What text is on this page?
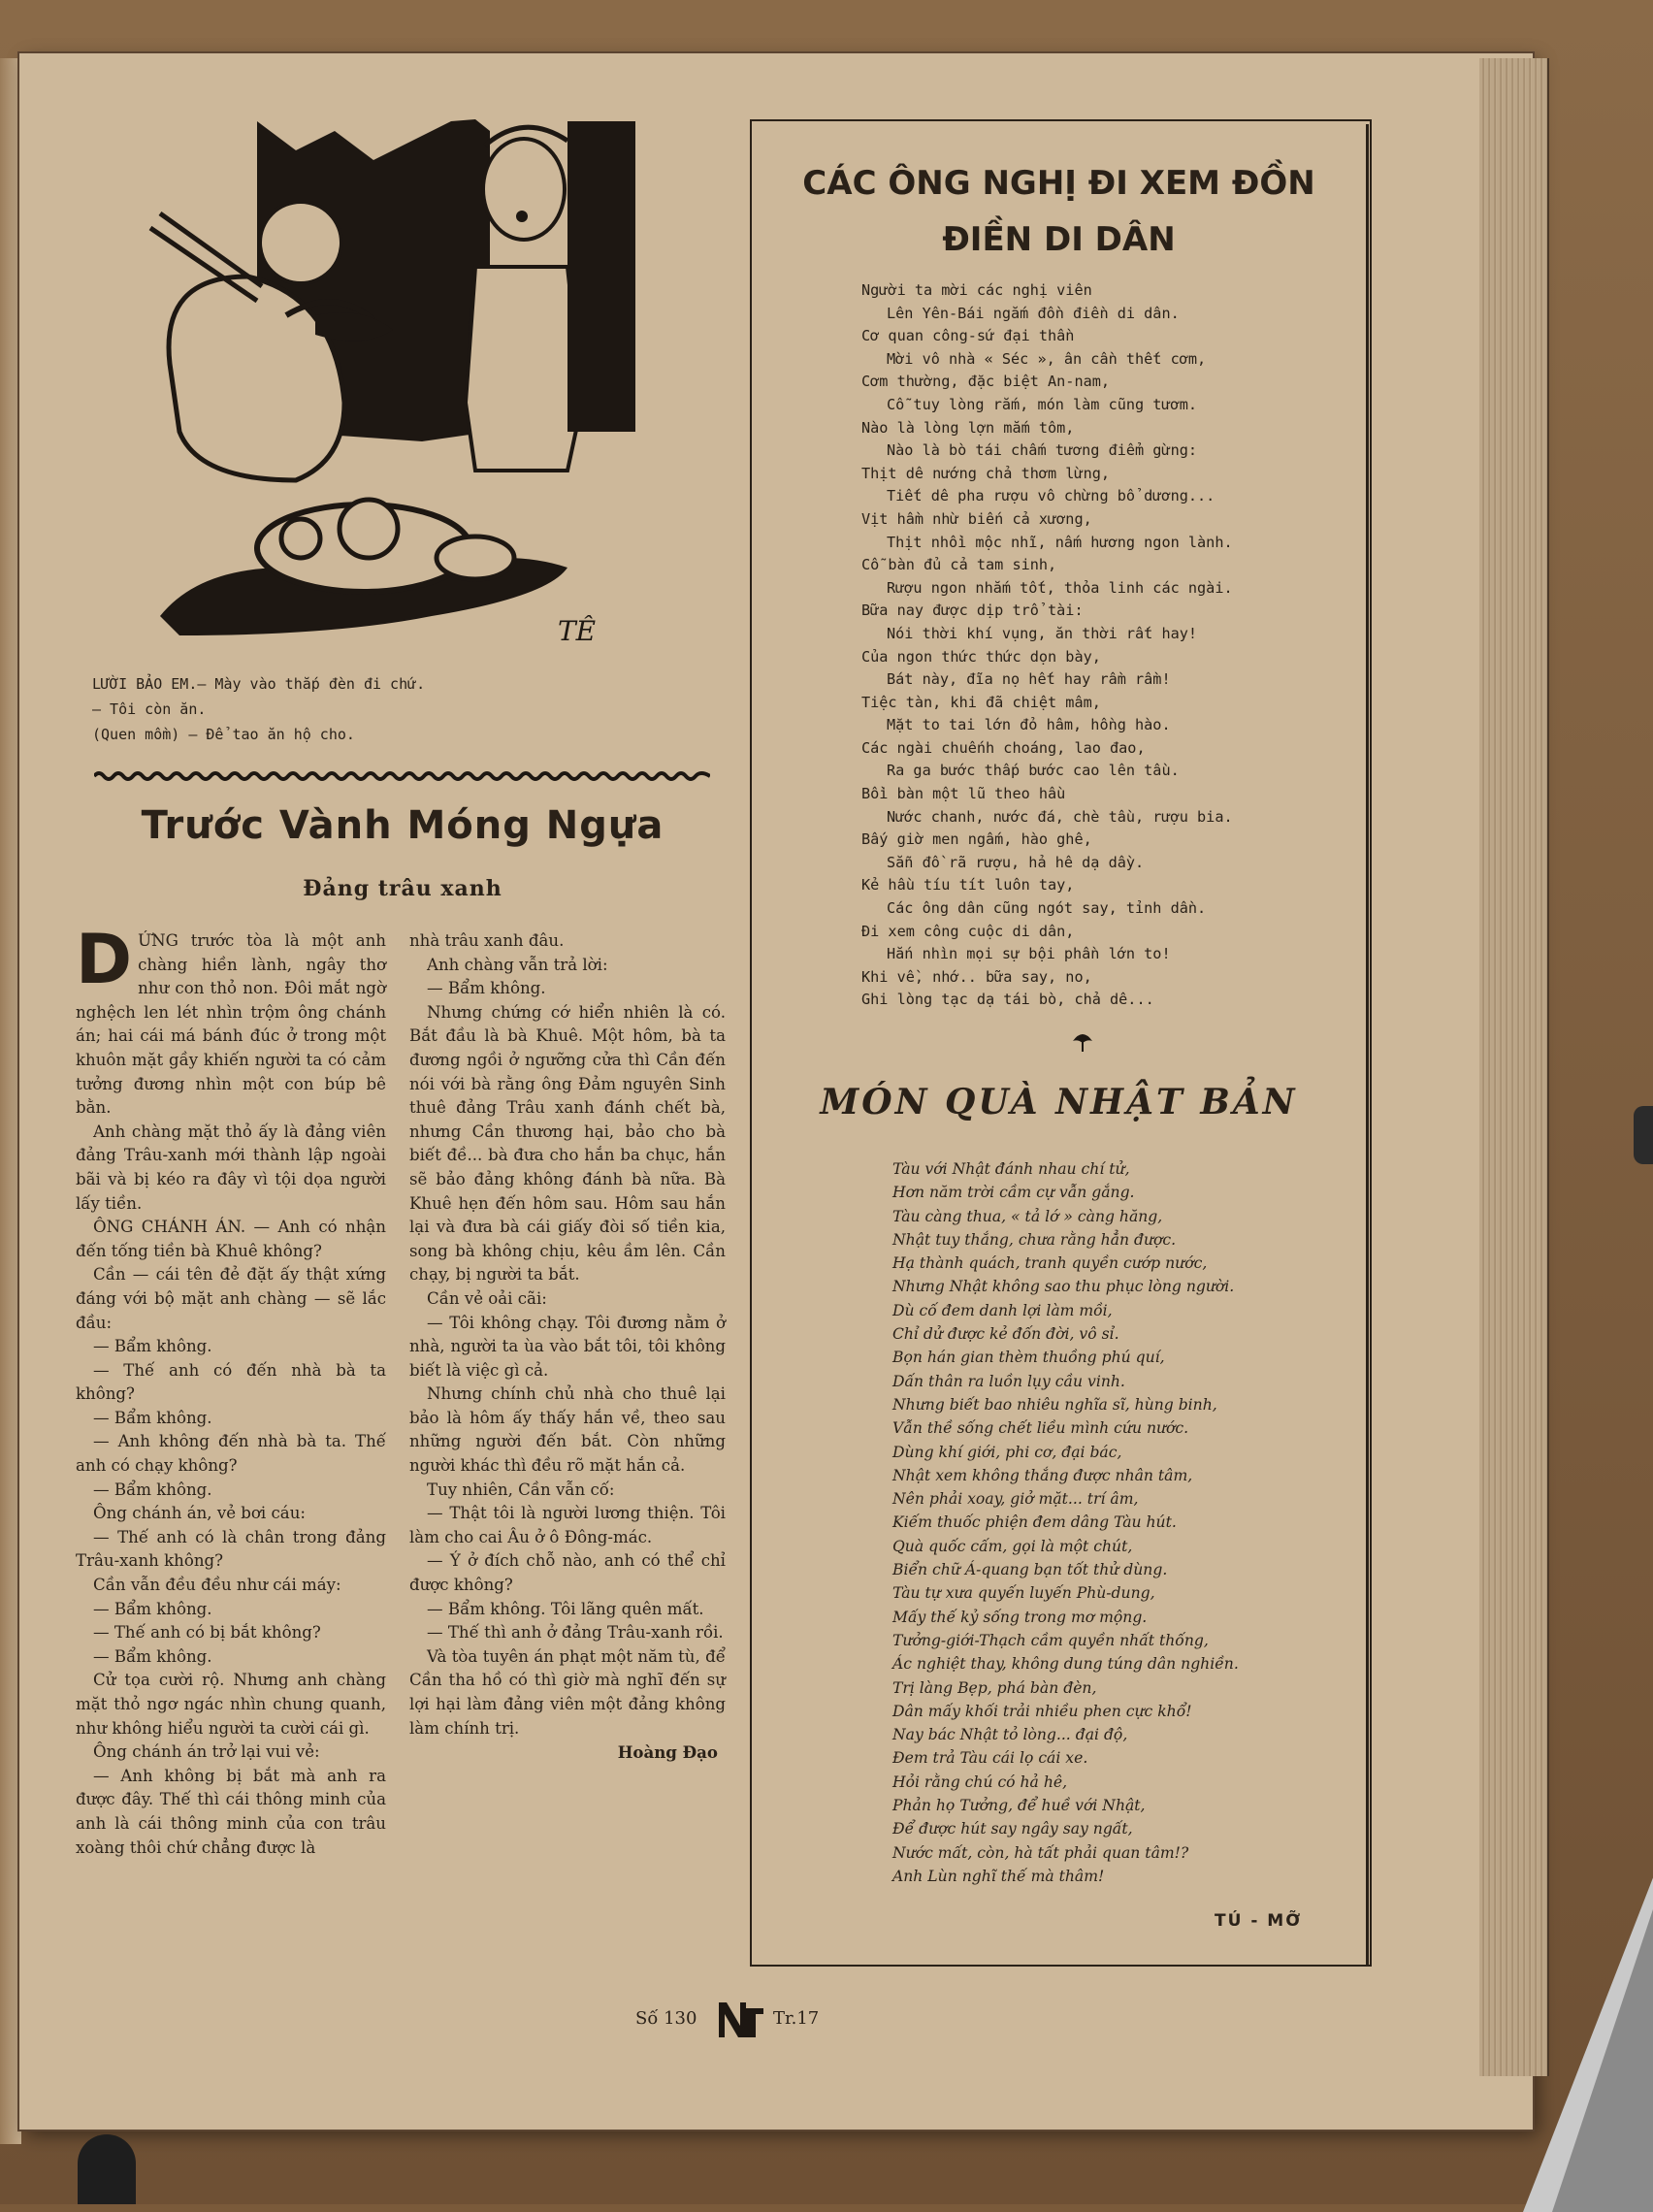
TÊ
LƯỜI BẢO EM.— Mày vào thắp đèn đi chứ.
— Tôi còn ăn.
(Quen mồm) — Để tao ăn hộ cho.
Trước Vành Móng Ngựa
Đảng trâu xanh
D ỨNG trước tòa là một anh chàng hiền lành, ngây thơ như con thỏ non. Đôi mắt ngờ nghệch len lét nhìn trộm ông chánh án; hai cái má bánh đúc ở trong một khuôn mặt gầy khiến người ta có cảm tưởng đương nhìn một con búp bê bằn.

Anh chàng mặt thỏ ấy là đảng viên đảng Trâu-xanh mới thành lập ngoài bãi và bị kéo ra đây vì tội dọa người lấy tiền.

ÔNG CHÁNH ÁN. — Anh có nhận đến tống tiền bà Khuê không?

Cần — cái tên đẻ đặt ấy thật xứng đáng với bộ mặt anh chàng — sẽ lắc đầu:

— Bẩm không.

— Thế anh có đến nhà bà ta không?

— Bẩm không.

— Anh không đến nhà bà ta. Thế anh có chạy không?

— Bẩm không.

Ông chánh án, vẻ bơi cáu:

— Thế anh có là chân trong đảng Trâu-xanh không?

Cần vẫn đều đều như cái máy:

— Bẩm không.

— Thế anh có bị bắt không?

— Bẩm không.

Cử tọa cười rộ. Nhưng anh chàng mặt thỏ ngơ ngác nhìn chung quanh, như không hiểu người ta cười cái gì.

Ông chánh án trở lại vui vẻ:

— Anh không bị bắt mà anh ra được đây. Thế thì cái thông minh của anh là cái thông minh của con trâu xoàng thôi chứ chẳng được là

nhà trâu xanh đâu.

Anh chàng vẫn trả lời:

— Bẩm không.

Nhưng chứng cớ hiển nhiên là có. Bắt đầu là bà Khuê. Một hôm, bà ta đương ngồi ở ngưỡng cửa thì Cần đến nói với bà rằng ông Đảm nguyên Sinh thuê đảng Trâu xanh đánh chết bà, nhưng Cần thương hại, bảo cho bà biết đề... bà đưa cho hắn ba chục, hắn sẽ bảo đảng không đánh bà nữa. Bà Khuê hẹn đến hôm sau. Hôm sau hắn lại và đưa bà cái giấy đòi số tiền kia, song bà không chịu, kêu ầm lên. Cần chạy, bị người ta bắt.

Cần vẻ oải cãi:

— Tôi không chạy. Tôi đương nằm ở nhà, người ta ùa vào bắt tôi, tôi không biết là việc gì cả.

Nhưng chính chủ nhà cho thuê lại bảo là hôm ấy thấy hắn về, theo sau những người đến bắt. Còn những người khác thì đều rõ mặt hắn cả.

Tuy nhiên, Cần vẫn cố:

— Thật tôi là người lương thiện. Tôi làm cho cai Âu ở ô Đông-mác.

— Ý ở đích chỗ nào, anh có thể chỉ được không?

— Bẩm không. Tôi lãng quên mất.

— Thế thì anh ở đảng Trâu-xanh rồi.

Và tòa tuyên án phạt một năm tù, để Cần tha hồ có thì giờ mà nghĩ đến sự lợi hại làm đảng viên một đảng không làm chính trị.

Hoàng Đạo
CÁC ÔNG NGHỊ ĐI XEM ĐỒN
ĐIỀN DI DÂN
Người ta mời các nghị viên
Lên Yên-Bái ngắm đồn điền di dân.
Cơ quan công-sứ đại thần
Mời vô nhà « Séc », ân cần thết cơm,
Cơm thường, đặc biệt An-nam,
Cỗ tuy lòng rắm, món làm cũng tươm.
Nào là lòng lợn mắm tôm,
Nào là bò tái chấm tương điểm gừng:
Thịt dê nướng chả thơm lừng,
Tiết dê pha rượu vô chừng bổ dương...
Vịt hầm nhừ biến cả xương,
Thịt nhồi mộc nhĩ, nấm hương ngon lành.
Cỗ bàn đủ cả tam sinh,
Rượu ngon nhắm tốt, thỏa linh các ngài.
Bữa nay được dịp trổ tài:
Nói thời khí vụng, ăn thời rất hay!
Của ngon thức thức dọn bày,
Bát này, đĩa nọ hết hay rầm rầm!
Tiệc tàn, khi đã chiệt mâm,
Mặt to tai lớn đỏ hâm, hồng hào.
Các ngài chuếnh choáng, lao đao,
Ra ga bước thấp bước cao lên tầu.
Bồi bàn một lũ theo hầu
Nước chanh, nước đá, chè tầu, rượu bia.
Bấy giờ men ngấm, hào ghê,
Sẵn đồ rã rượu, hả hê dạ dầy.
Kẻ hầu tíu tít luôn tay,
Các ông dân cũng ngót say, tỉnh dần.
Đi xem công cuộc di dân,
Hắn nhìn mọi sự bội phần lớn to!
Khi về, nhớ.. bữa say, no,
Ghi lòng tạc dạ tái bò, chả dê...
MÓN QUÀ NHẬT BẢN
Tàu với Nhật đánh nhau chí tử,
Hơn năm trời cầm cự vẫn gắng.
Tàu càng thua, « tả lớ » càng hăng,
Nhật tuy thắng, chưa rằng hẳn được.
Hạ thành quách, tranh quyền cướp nước,
Nhưng Nhật không sao thu phục lòng người.
Dù cố đem danh lợi làm mồi,
Chỉ dử được kẻ đốn đời, vô sỉ.
Bọn hán gian thèm thuồng phú quí,
Dấn thân ra luồn lụy cầu vinh.
Nhưng biết bao nhiêu nghĩa sĩ, hùng binh,
Vẫn thề sống chết liều mình cứu nước.
Dùng khí giới, phi cơ, đại bác,
Nhật xem không thắng được nhân tâm,
Nên phải xoay, giở mặt... trí âm,
Kiếm thuốc phiện đem dâng Tàu hút.
Quà quốc cấm, gọi là một chút,
Biển chữ Á-quang bạn tốt thử dùng.
Tàu tự xưa quyến luyến Phù-dung,
Mấy thế kỷ sống trong mơ mộng.
Tưởng-giới-Thạch cầm quyền nhất thống,
Ác nghiệt thay, không dung túng dân nghiền.
Trị làng Bẹp, phá bàn đèn,
Dân mấy khối trải nhiều phen cực khổ!
Nay bác Nhật tỏ lòng... đại độ,
Đem trả Tàu cái lọ cái xe.
Hỏi rằng chú có hả hê,
Phản họ Tưởng, để huề với Nhật,
Để được hút say ngây say ngất,
Nước mất, còn, hà tất phải quan tâm!?
Anh Lùn nghĩ thế mà thâm!
TÚ - MỠ
Số 130	Tr.17
